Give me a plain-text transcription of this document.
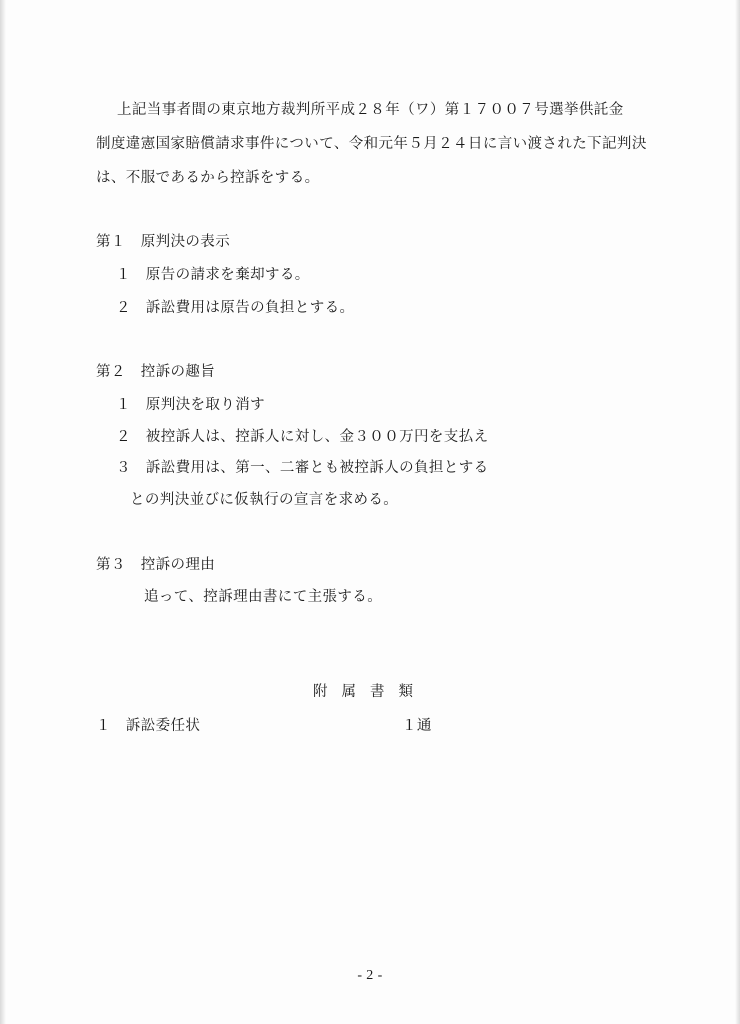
上記当事者間の東京地方裁判所平成２８年（ワ）第１７００７号選挙供託金
制度違憲国家賠償請求事件について、令和元年５月２４日に言い渡された下記判決
は、不服であるから控訴をする。
第１　原判決の表示
１　原告の請求を棄却する。
２　訴訟費用は原告の負担とする。
第２　控訴の趣旨
１　原判決を取り消す
２　被控訴人は、控訴人に対し、金３００万円を支払え
３　訴訟費用は、第一、二審とも被控訴人の負担とする
との判決並びに仮執行の宣言を求める。
第３　控訴の理由
追って、控訴理由書にて主張する。
附属書類
１　訴訟委任状	１通
- 2 -
